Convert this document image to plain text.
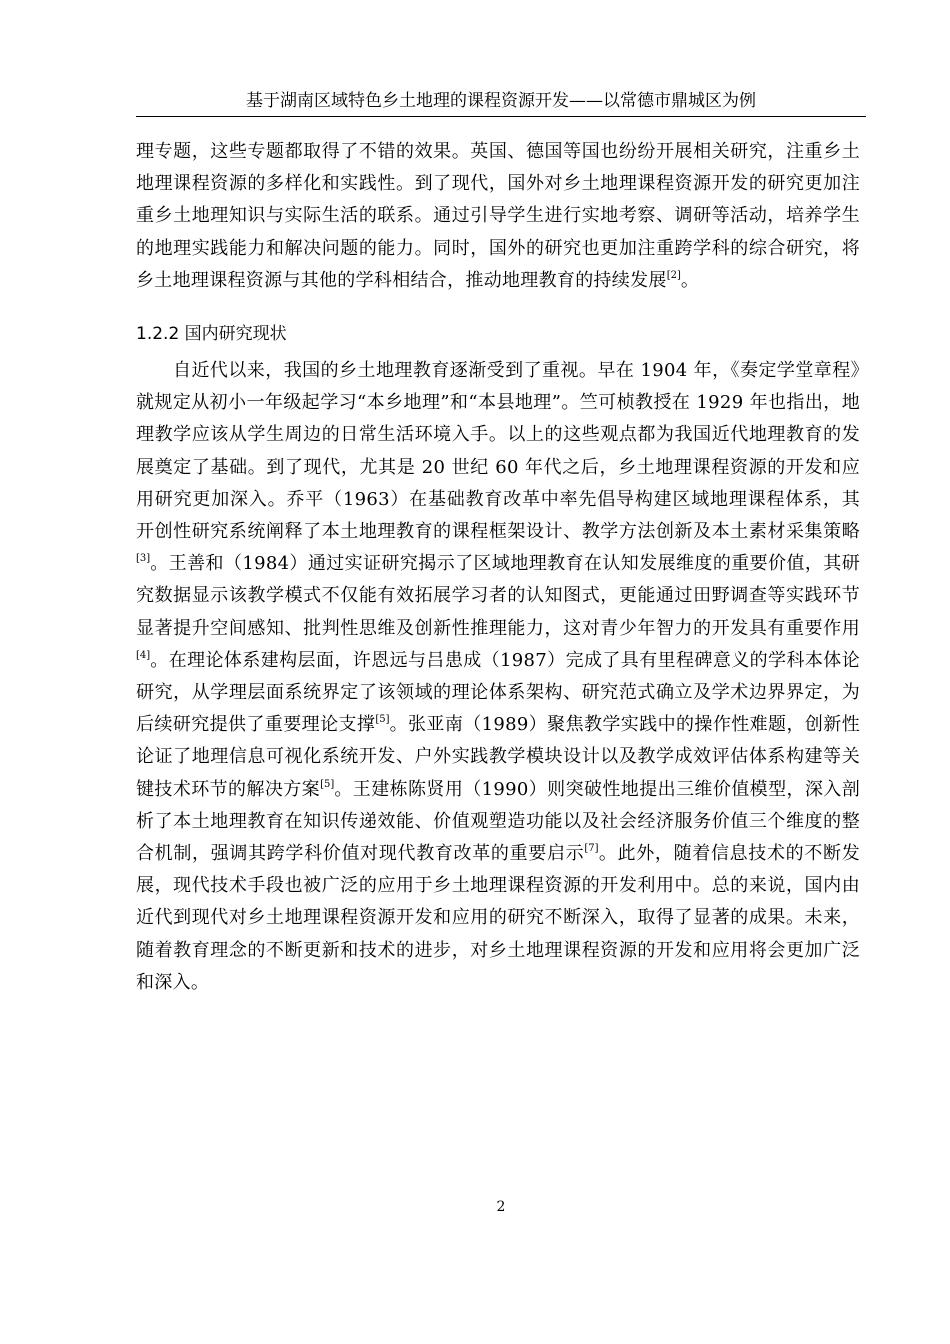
基于湖南区域特色乡土地理的课程资源开发——以常德市鼎城区为例

理专题，这些专题都取得了不错的效果。英国、德国等国也纷纷开展相关研究，注重乡土地理课程资源的多样化和实践性。到了现代，国外对乡土地理课程资源开发的研究更加注重乡土地理知识与实际生活的联系。通过引导学生进行实地考察、调研等活动，培养学生的地理实践能力和解决问题的能力。同时，国外的研究也更加注重跨学科的综合研究，将乡土地理课程资源与其他的学科相结合，推动地理教育的持续发展[2]。

1.2.2 国内研究现状

自近代以来，我国的乡土地理教育逐渐受到了重视。早在 1904 年，《奏定学堂章程》就规定从初小一年级起学习“本乡地理”和“本县地理”。竺可桢教授在 1929 年也指出，地理教学应该从学生周边的日常生活环境入手。以上的这些观点都为我国近代地理教育的发展奠定了基础。到了现代，尤其是 20 世纪 60 年代之后，乡土地理课程资源的开发和应用研究更加深入。乔平（1963）在基础教育改革中率先倡导构建区域地理课程体系，其开创性研究系统阐释了本土地理教育的课程框架设计、教学方法创新及本土素材采集策略[3]。王善和（1984）通过实证研究揭示了区域地理教育在认知发展维度的重要价值，其研究数据显示该教学模式不仅能有效拓展学习者的认知图式，更能通过田野调查等实践环节显著提升空间感知、批判性思维及创新性推理能力，这对青少年智力的开发具有重要作用[4]。在理论体系建构层面，许恩远与吕患成（1987）完成了具有里程碑意义的学科本体论研究，从学理层面系统界定了该领域的理论体系架构、研究范式确立及学术边界界定，为后续研究提供了重要理论支撑[5]。张亚南（1989）聚焦教学实践中的操作性难题，创新性论证了地理信息可视化系统开发、户外实践教学模块设计以及教学成效评估体系构建等关键技术环节的解决方案[5]。王建栋陈贤用（1990）则突破性地提出三维价值模型，深入剖析了本土地理教育在知识传递效能、价值观塑造功能以及社会经济服务价值三个维度的整合机制，强调其跨学科价值对现代教育改革的重要启示[7]。此外，随着信息技术的不断发展，现代技术手段也被广泛的应用于乡土地理课程资源的开发利用中。总的来说，国内由近代到现代对乡土地理课程资源开发和应用的研究不断深入，取得了显著的成果。未来，随着教育理念的不断更新和技术的进步，对乡土地理课程资源的开发和应用将会更加广泛和深入。

2
